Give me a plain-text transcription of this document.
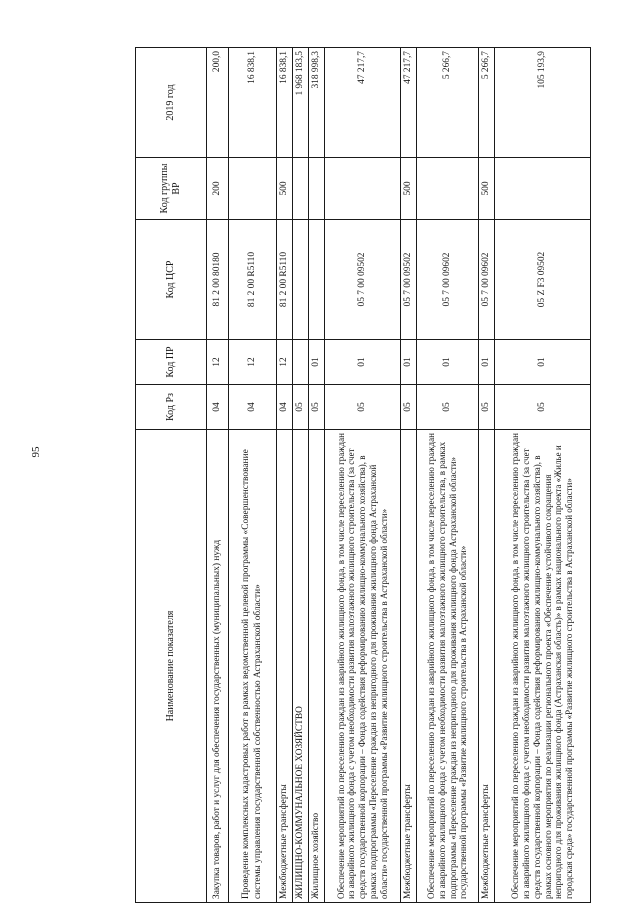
95
Наименование показателя	Код Рз	Код ПР	Код ЦСР	Код группы ВР	2019 год
Закупка товаров, работ и услуг для обеспечения государственных (муниципальных) нужд	04	12	81 2 00 80180	200	200,0
Проведение комплексных кадастровых работ в рамках ведомственной целевой программы «Совершенствование системы управления государственной собственностью Астраханской области»	04	12	81 2 00 R5110		16 838,1
Межбюджетные трансферты	04	12	81 2 00 R5110	500	16 838,1
ЖИЛИЩНО-КОММУНАЛЬНОЕ ХОЗЯЙСТВО	05				1 968 183,5
Жилищное хозяйство	05	01			318 998,3
Обеспечение мероприятий по переселению граждан из аварийного жилищного фонда, в том числе переселению граждан из аварийного жилищного фонда с учетом необходимости развития малоэтажного жилищного строительства (за счет средств государственной корпорации – Фонда содействия реформированию жилищно-коммунального хозяйства), в рамках подпрограммы «Переселение граждан из непригодного для проживания жилищного фонда Астраханской области» государственной программы «Развитие жилищного строительства в Астраханской области»	05	01	05 7 00 09502		47 217,7
Межбюджетные трансферты	05	01	05 7 00 09502	500	47 217,7
Обеспечение мероприятий по переселению граждан из аварийного жилищного фонда, в том числе переселению граждан из аварийного жилищного фонда с учетом необходимости развития малоэтажного жилищного строительства, в рамках подпрограммы «Переселение граждан из непригодного для проживания жилищного фонда Астраханской области» государственной программы «Развитие жилищного строительства в Астраханской области»	05	01	05 7 00 09602		5 266,7
Межбюджетные трансферты	05	01	05 7 00 09602	500	5 266,7
Обеспечение мероприятий по переселению граждан из аварийного жилищного фонда, в том числе переселению граждан из аварийного жилищного фонда с учетом необходимости развития малоэтажного жилищного строительства (за счет средств государственной корпорации – Фонда содействия реформированию жилищно-коммунального хозяйства), в рамках основного мероприятия по реализации регионального проекта «Обеспечение устойчивого сокращения непригодного для проживания жилищного фонда (Астраханская область)» в рамках национального проекта «Жилье и городская среда» государственной программы «Развитие жилищного строительства в Астраханской области»	05	01	05 Z F3 09502		105 193,9
